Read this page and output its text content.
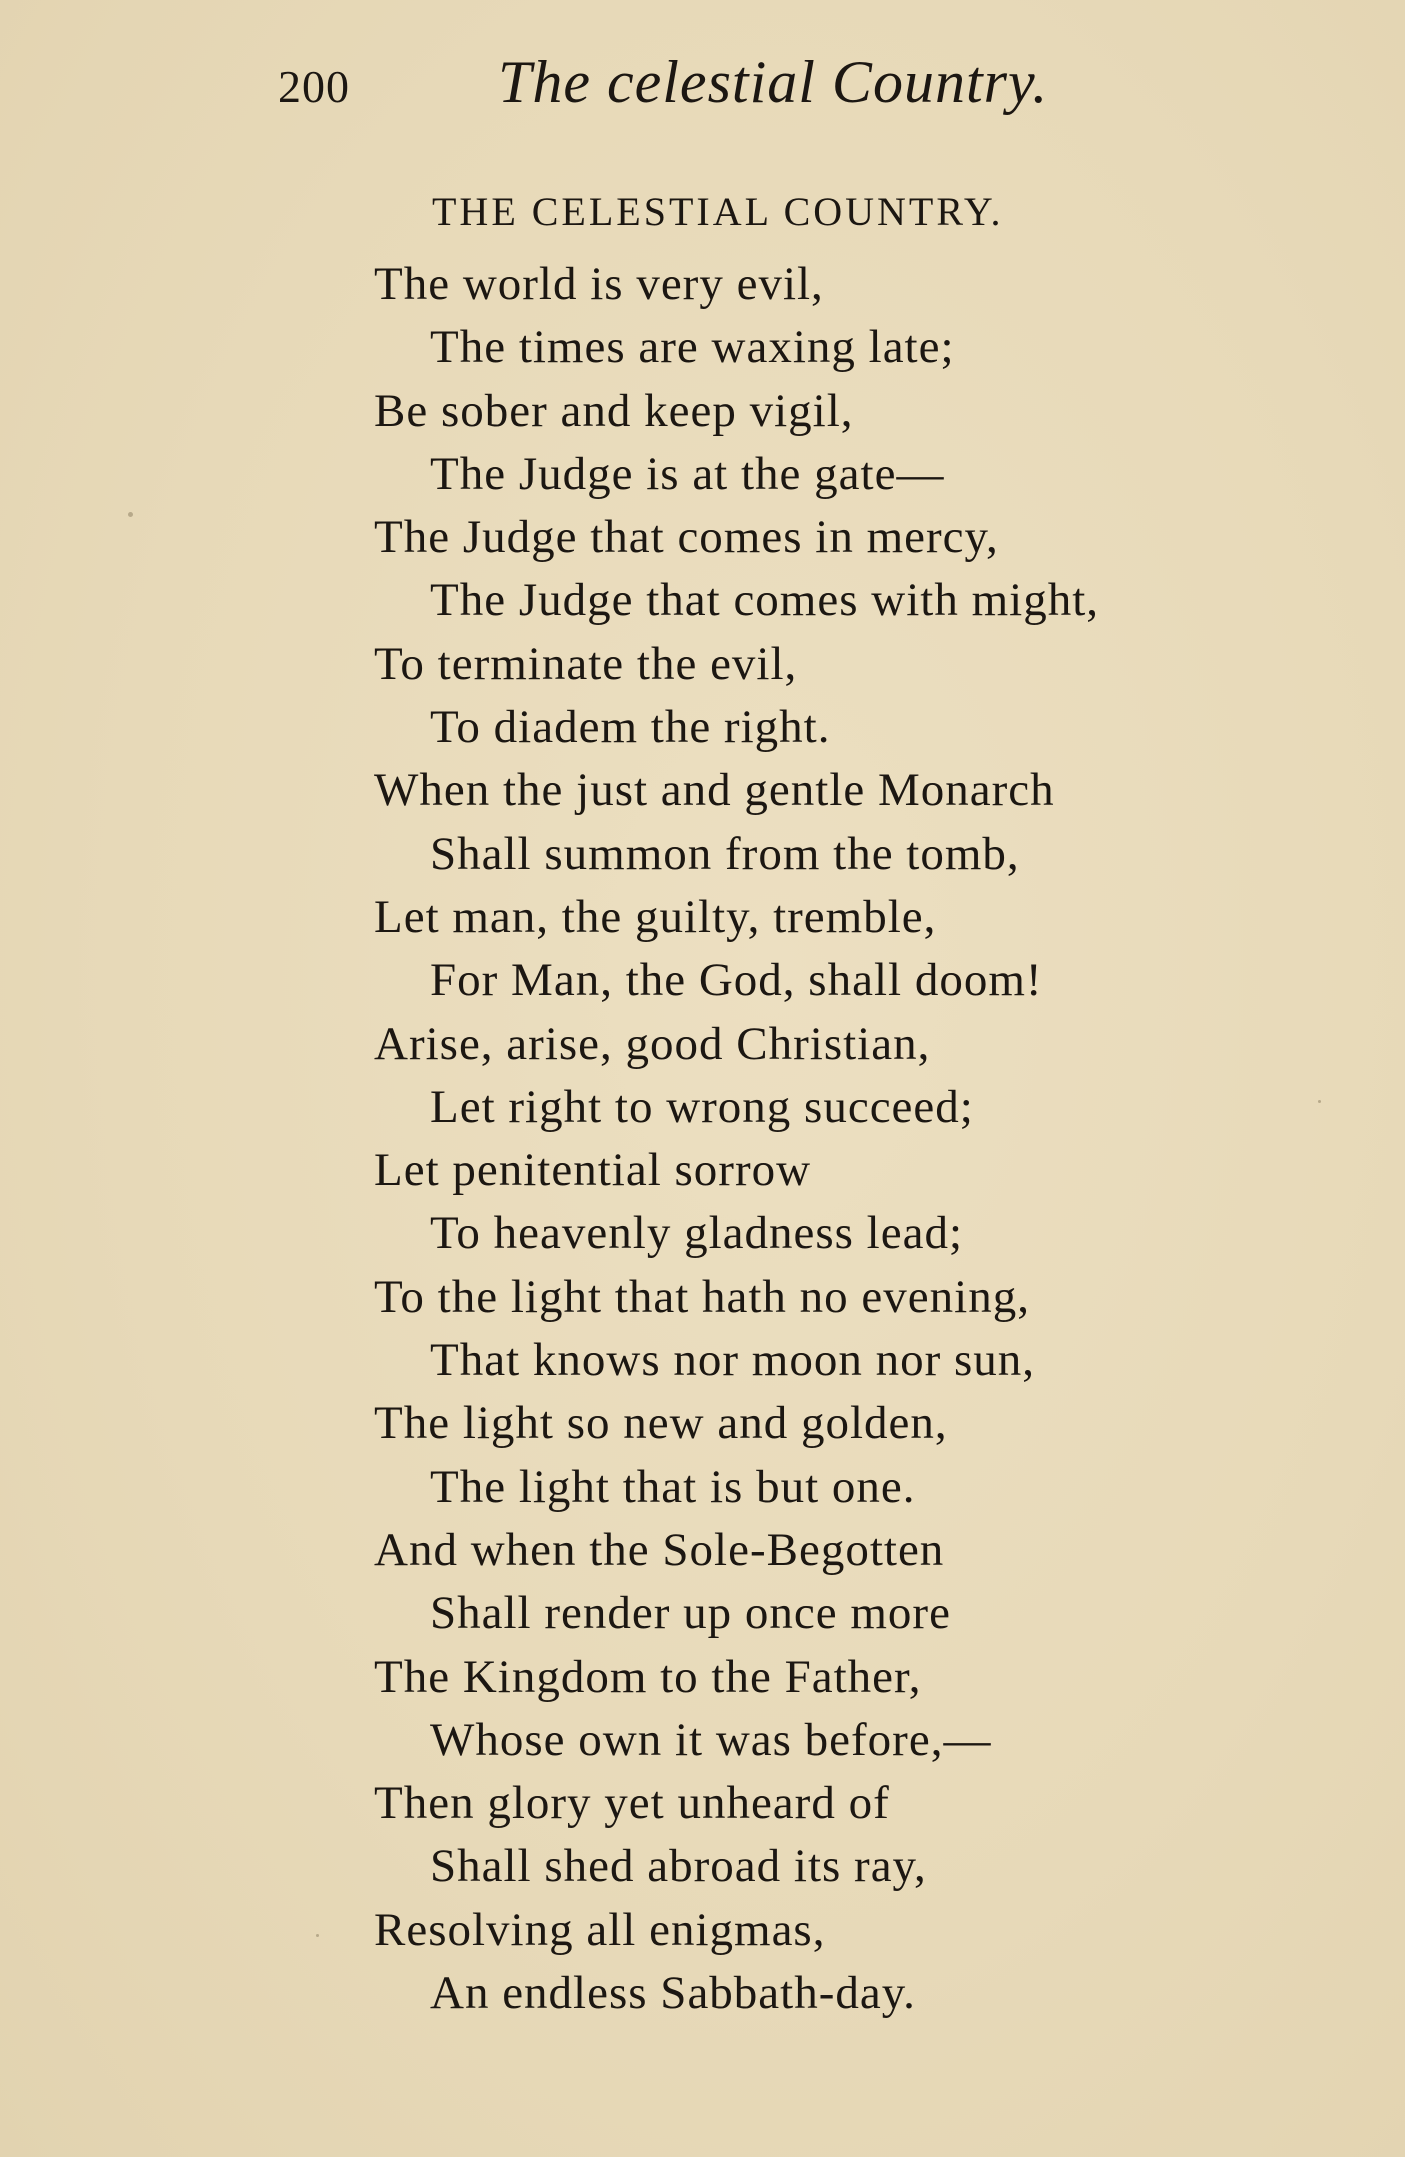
200 The celestial Country.
THE CELESTIAL COUNTRY.
The world is very evil,
The times are waxing late;
Be sober and keep vigil,
The Judge is at the gate—
The Judge that comes in mercy,
The Judge that comes with might,
To terminate the evil,
To diadem the right.
When the just and gentle Monarch
Shall summon from the tomb,
Let man, the guilty, tremble,
For Man, the God, shall doom!
Arise, arise, good Christian,
Let right to wrong succeed;
Let penitential sorrow
To heavenly gladness lead;
To the light that hath no evening,
That knows nor moon nor sun,
The light so new and golden,
The light that is but one.
And when the Sole-Begotten
Shall render up once more
The Kingdom to the Father,
Whose own it was before,—
Then glory yet unheard of
Shall shed abroad its ray,
Resolving all enigmas,
An endless Sabbath-day.
